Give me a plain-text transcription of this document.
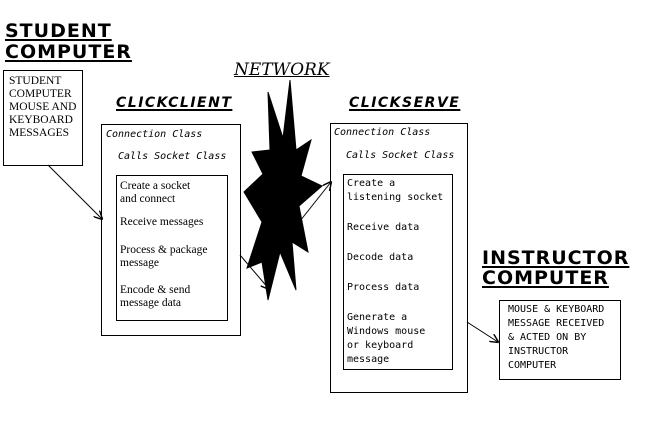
STUDENT
COMPUTER
STUDENT
COMPUTER
MOUSE AND
KEYBOARD
MESSAGES
NETWORK
CLICKCLIENT
Connection Class
Calls Socket Class
Create a socket
and connect
Receive messages
Process & package
message
Encode & send
message data
CLICKSERVE
Connection Class
Calls Socket Class
Create a
listening socket
Receive data
Decode data
Process data
Generate a
Windows mouse
or keyboard
message
INSTRUCTOR
COMPUTER
MOUSE & KEYBOARD
MESSAGE RECEIVED
& ACTED ON BY
INSTRUCTOR
COMPUTER
